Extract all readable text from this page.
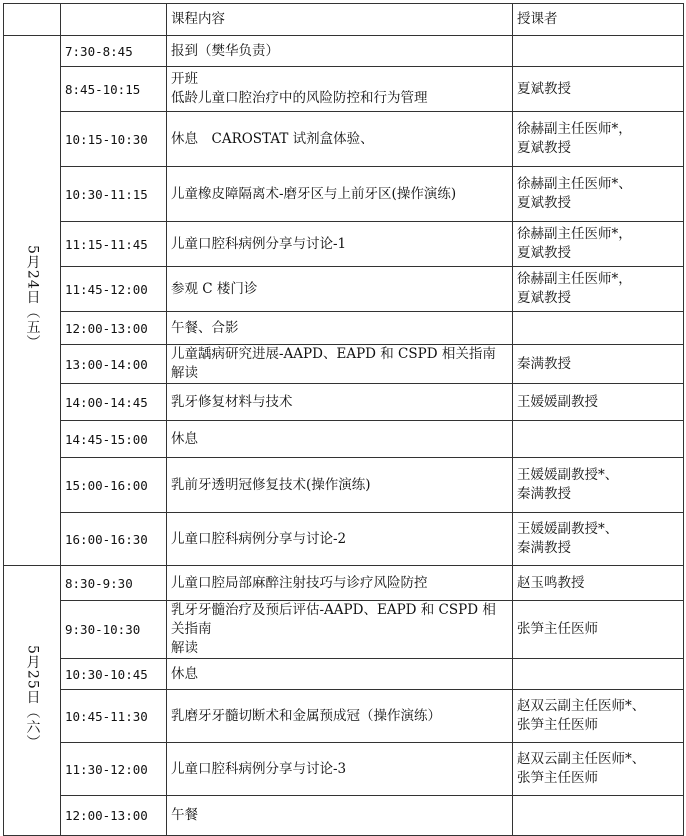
		课程内容	授课者
5月24日（五）	7:30-8:45	报到（樊华负责）	

	8:45-10:15	开班
低龄儿童口腔治疗中的风险防控和行为管理	夏斌教授

	10:15-10:30	休息　CAROSTAT 试剂盒体验、	徐赫副主任医师*，
夏斌教授

	10:30-11:15	儿童橡皮障隔离术-磨牙区与上前牙区(操作演练)	徐赫副主任医师*、
夏斌教授

	11:15-11:45	儿童口腔科病例分享与讨论-1	徐赫副主任医师*，
夏斌教授

	11:45-12:00	参观 C 楼门诊	徐赫副主任医师*，
夏斌教授

	12:00-13:00	午餐、合影	

	13:00-14:00	儿童龋病研究进展-AAPD、EAPD 和 CSPD 相关指南解读	秦满教授

	14:00-14:45	乳牙修复材料与技术	王媛媛副教授

	14:45-15:00	休息	

	15:00-16:00	乳前牙透明冠修复技术(操作演练)	王媛媛副教授*、
秦满教授

	16:00-16:30	儿童口腔科病例分享与讨论-2	王媛媛副教授*、
秦满教授

5月25日（六）	8:30-9:30	儿童口腔局部麻醉注射技巧与诊疗风险防控	赵玉鸣教授

	9:30-10:30	乳牙牙髓治疗及预后评估-AAPD、EAPD 和 CSPD 相关指南
解读	张笋主任医师

	10:30-10:45	休息	

	10:45-11:30	乳磨牙牙髓切断术和金属预成冠（操作演练）	赵双云副主任医师*、
张笋主任医师

	11:30-12:00	儿童口腔科病例分享与讨论-3	赵双云副主任医师*、
张笋主任医师

	12:00-13:00	午餐	
